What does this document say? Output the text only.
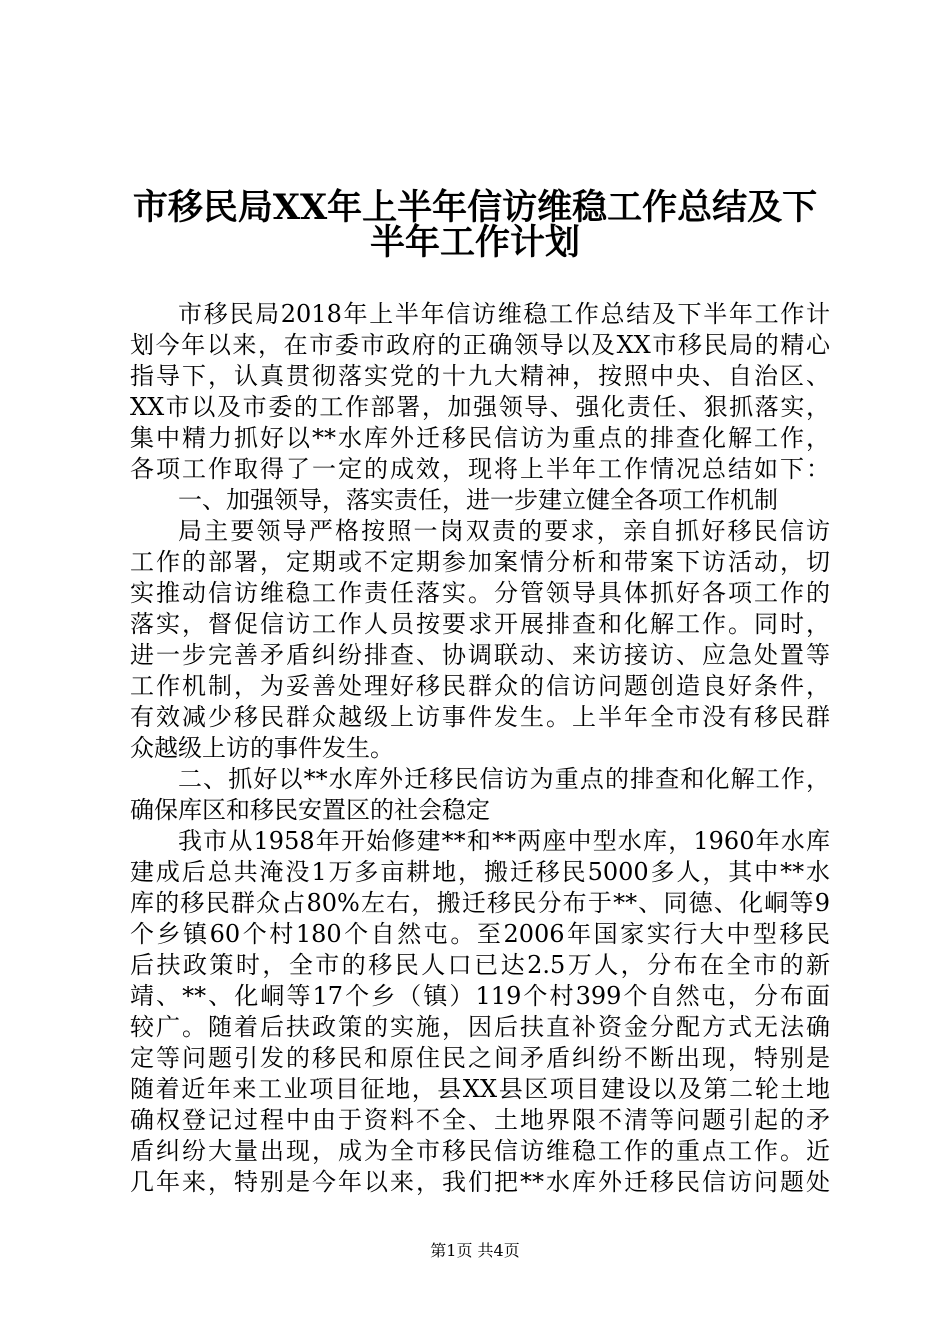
市移民局XX年上半年信访维稳工作总结及下
半年工作计划
市移民局2018年上半年信访维稳工作总结及下半年工作计
划今年以来，在市委市政府的正确领导以及XX市移民局的精心
指导下，认真贯彻落实党的十九大精神，按照中央、自治区、
XX市以及市委的工作部署，加强领导、强化责任、狠抓落实，
集中精力抓好以**水库外迁移民信访为重点的排查化解工作，
各项工作取得了一定的成效，现将上半年工作情况总结如下：
一、加强领导，落实责任，进一步建立健全各项工作机制
局主要领导严格按照一岗双责的要求，亲自抓好移民信访
工作的部署，定期或不定期参加案情分析和带案下访活动，切
实推动信访维稳工作责任落实。分管领导具体抓好各项工作的
落实，督促信访工作人员按要求开展排查和化解工作。同时，
进一步完善矛盾纠纷排查、协调联动、来访接访、应急处置等
工作机制，为妥善处理好移民群众的信访问题创造良好条件，
有效减少移民群众越级上访事件发生。上半年全市没有移民群
众越级上访的事件发生。
二、抓好以**水库外迁移民信访为重点的排查和化解工作，
确保库区和移民安置区的社会稳定
我市从1958年开始修建**和**两座中型水库，1960年水库
建成后总共淹没1万多亩耕地，搬迁移民5000多人，其中**水
库的移民群众占80%左右，搬迁移民分布于**、同德、化峒等9
个乡镇60个村180个自然屯。至2006年国家实行大中型移民
后扶政策时，全市的移民人口已达2.5万人，分布在全市的新
靖、**、化峒等17个乡（镇）119个村399个自然屯，分布面
较广。随着后扶政策的实施，因后扶直补资金分配方式无法确
定等问题引发的移民和原住民之间矛盾纠纷不断出现，特别是
随着近年来工业项目征地，县XX县区项目建设以及第二轮土地
确权登记过程中由于资料不全、土地界限不清等问题引起的矛
盾纠纷大量出现，成为全市移民信访维稳工作的重点工作。近
几年来，特别是今年以来，我们把**水库外迁移民信访问题处
第1页 共4页
